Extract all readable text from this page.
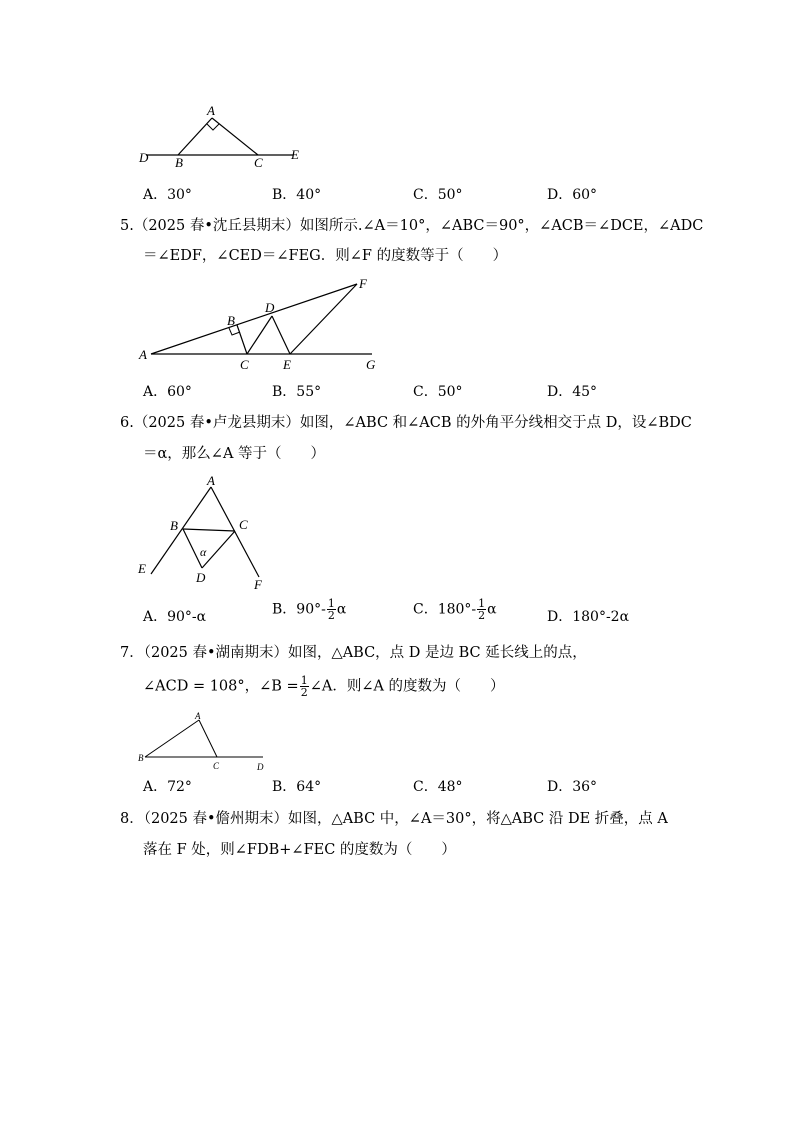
A
B	C
D	E
A．30°	B．40°	C．50°	D．60°
5.（2025 春•沈丘县期末）如图所示.∠A＝10°，∠ABC＝90°，∠ACB＝∠DCE，∠ADC
＝∠EDF，∠CED＝∠FEG．则∠F 的度数等于（　　）
A
B
C
D
E
F
G
A．60°	B．55°	C．50°	D．45°
6.（2025 春•卢龙县期末）如图，∠ABC 和∠ACB 的外角平分线相交于点 D，设∠BDC
＝α，那么∠A 等于（　　）
A
B	C
D
E
F
α
A．90°-α	B．$90^\circ- \frac{1}{2}$ α	C．$180^\circ- \frac{1}{2}$ α	D．180°-2α
7．（2025 春•湖南期末）如图，△ABC，点 D 是边 BC 延长线上的点，
∠ACD = 108°，∠B = $\frac{1}{2}$ ∠A．则∠A 的度数为（　　）
A
B
C	D
A．72°	B．64°	C．48°	D．36°
8．（2025 春•儋州期末）如图，△ABC 中，∠A＝30°，将△ABC 沿 DE 折叠，点 A
落在 F 处，则∠FDB+∠FEC 的度数为（　　）
